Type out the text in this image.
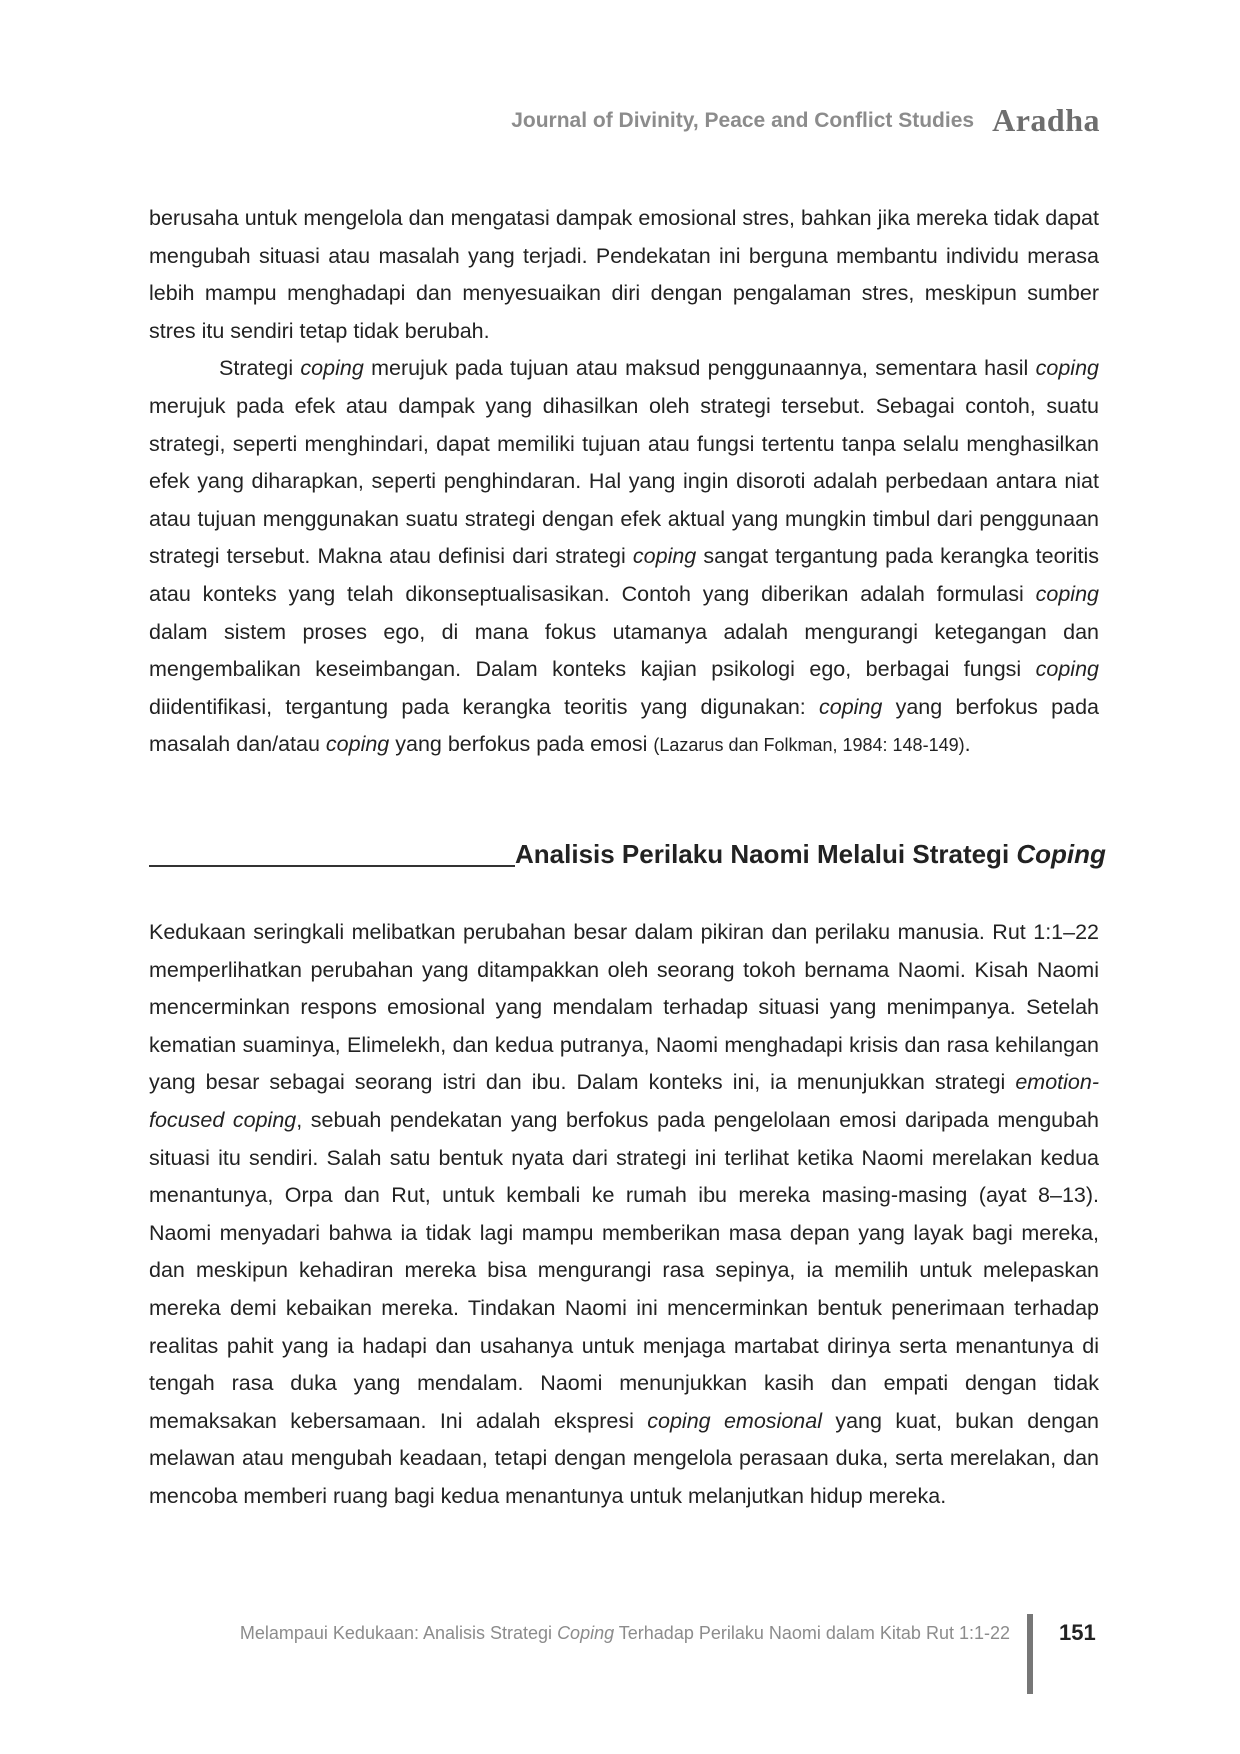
Journal of Divinity, Peace and Conflict Studies Aradha

berusaha untuk mengelola dan mengatasi dampak emosional stres, bahkan jika mereka tidak dapat mengubah situasi atau masalah yang terjadi. Pendekatan ini berguna membantu individu merasa lebih mampu menghadapi dan menyesuaikan diri dengan pengalaman stres, meskipun sumber stres itu sendiri tetap tidak berubah.

Strategi coping merujuk pada tujuan atau maksud penggunaannya, sementara hasil coping merujuk pada efek atau dampak yang dihasilkan oleh strategi tersebut. Sebagai contoh, suatu strategi, seperti menghindari, dapat memiliki tujuan atau fungsi tertentu tanpa selalu menghasilkan efek yang diharapkan, seperti penghindaran. Hal yang ingin disoroti adalah perbedaan antara niat atau tujuan menggunakan suatu strategi dengan efek aktual yang mungkin timbul dari penggunaan strategi tersebut. Makna atau definisi dari strategi coping sangat tergantung pada kerangka teoritis atau konteks yang telah dikonseptualisasikan. Contoh yang diberikan adalah formulasi coping dalam sistem proses ego, di mana fokus utamanya adalah mengurangi ketegangan dan mengembalikan keseimbangan. Dalam konteks kajian psikologi ego, berbagai fungsi coping diidentifikasi, tergantung pada kerangka teoritis yang digunakan: coping yang berfokus pada masalah dan/atau coping yang berfokus pada emosi (Lazarus dan Folkman, 1984: 148-149).

Analisis Perilaku Naomi Melalui Strategi Coping

Kedukaan seringkali melibatkan perubahan besar dalam pikiran dan perilaku manusia. Rut 1:1–22 memperlihatkan perubahan yang ditampakkan oleh seorang tokoh bernama Naomi. Kisah Naomi mencerminkan respons emosional yang mendalam terhadap situasi yang menimpanya. Setelah kematian suaminya, Elimelekh, dan kedua putranya, Naomi menghadapi krisis dan rasa kehilangan yang besar sebagai seorang istri dan ibu. Dalam konteks ini, ia menunjukkan strategi emotion-focused coping, sebuah pendekatan yang berfokus pada pengelolaan emosi daripada mengubah situasi itu sendiri. Salah satu bentuk nyata dari strategi ini terlihat ketika Naomi merelakan kedua menantunya, Orpa dan Rut, untuk kembali ke rumah ibu mereka masing-masing (ayat 8–13). Naomi menyadari bahwa ia tidak lagi mampu memberikan masa depan yang layak bagi mereka, dan meskipun kehadiran mereka bisa mengurangi rasa sepinya, ia memilih untuk melepaskan mereka demi kebaikan mereka. Tindakan Naomi ini mencerminkan bentuk penerimaan terhadap realitas pahit yang ia hadapi dan usahanya untuk menjaga martabat dirinya serta menantunya di tengah rasa duka yang mendalam. Naomi menunjukkan kasih dan empati dengan tidak memaksakan kebersamaan. Ini adalah ekspresi coping emosional yang kuat, bukan dengan melawan atau mengubah keadaan, tetapi dengan mengelola perasaan duka, serta merelakan, dan mencoba memberi ruang bagi kedua menantunya untuk melanjutkan hidup mereka.

Melampaui Kedukaan: Analisis Strategi Coping Terhadap Perilaku Naomi dalam Kitab Rut 1:1-22 151
